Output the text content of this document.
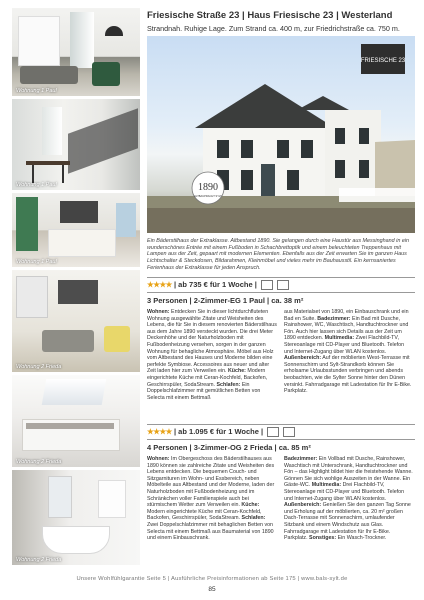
Wohnung 1 Paul
Wohnung 1 Paul
Wohnung 1 Paul
Wohnung 2 Frieda
Wohnung 2 Frieda
Wohnung 2 Frieda
Friesische Straße 23 | Haus Friesische 23 | Westerland
Strandnah. Ruhige Lage. Zum Strand ca. 400 m, zur Friedrichstraße ca. 750 m.
FRIESISCHE 23
1890
ALTBAUPRACHT SYLT
Ein Bäderstilhaus der Extraklasse. Altbestand 1890. Sie gelangen durch eine Haustür aus Messinghand in ein wunderschönes Entrée mit einem Fußboden in Schachbrettoptik und einem beleuchteten Treppenhaus mit Lampen aus der Zeit, gepaart mit modernen Elementen. Ebenfalls aus der Zeit erwarten Sie im ganzen Haus Lichtschalter & Steckdosen, Bildarahmen, Kleinmöbel und vieles mehr im Bauhausstil. Ein kernsaniertes Ferienhaus der Extraklasse für jeden Anspruch.
★★★★ | ab 735 € für 1 Woche |
3 Personen | 2-Zimmer-EG 1 Paul | ca. 38 m²
Wohnen: Entdecken Sie in dieser lichtdurchfluteten Wohnung ausgewählte Zitate und Weisheiten des Lebens, die für Sie in diesem renovierten Bäderstilhaus aus dem Jahre 1890 versteckt wurden. Die drei Meter Deckenhöhe und der Naturholzboden mit Fußbodenheizung versehen, sorgen in der ganzen Wohnung für behagliche Atmosphäre. Möbel aus Holz vom Altbestand des Hauses und Moderne bilden eine perfekte Symbiose. Accessoires aus neuer und alter Zeit laden hier zum Verweilen ein. Küche: Modern eingerichtete Küche mit Ceran-Kochfeld, Backofen, Geschirrspüler, SodaStream. Schlafen: Ein Doppelschlafzimmer mit gemütlichen Betten von Selecta mit einem Bettmaß
aus Materialset von 1890, ein Einbauschrank und ein Bad en Suite. Badezimmer: Ein Bad mit Dusche, Rainshower, WC, Waschtisch, Handtuchtrockner und Fön. Auch hier lassen sich Details aus der Zeit um 1890 entdecken. Multimedia: Zwei Flachbild-TV, Stereoanlage mit CD-Player und Bluetooth. Telefon und Internet-Zugang über WLAN kostenlos. Außenbereich: Auf der möblierten West-Terrasse mit Sonnenschirm und Sylt-Strandkorb können Sie erholsame Urlaubsstunden verbringen und abends beobachten, wie die Sylter Sonne hinter den Dünen versinkt. Fahrradgarage mit Ladestation für Ihr E-Bike. Parkplatz.
★★★★ | ab 1.095 € für 1 Woche |
4 Personen | 3-Zimmer-OG 2 Frieda | ca. 85 m²
Wohnen: Im Obergeschoss des Bäderstilhauses aus 1890 können sie zahlreiche Zitate und Weisheiten des Lebens entdecken. Die bequemen Couch- und Sitzgarnituren im Wohn- und Essbereich, neben Möbelteile aus Altbestand und der Moderne, laden der Naturholzboden mit Fußbodenheizung und im Schränkchen voller Familienspiele auch bei stürmischem Wetter zum Verweilen ein. Küche: Modern eingerichtete Küche mit Ceran-Kochfeld, Backofen, Geschirrspüler, SodaStream. Schlafen: Zwei Doppelschlafzimmer mit behaglichen Betten von Selecta mit einem Bettmaß aus Baumaterial von 1890 und einem Einbauschrank.
Badezimmer: Ein Vollbad mit Dusche, Rainshower, Waschtisch mit Unterschrank, Handtuchtrockner und Fön – das Highlight bildet hier die freistehende Wanne. Gönnen Sie sich wohlige Auszeiten in der Wanne. Ein Gäste-WC. Multimedia: Drei Flachbild-TV, Stereoanlage mit CD-Player und Bluetooth. Telefon und Internet-Zugang über WLAN kostenlos. Außenbereich: Genießen Sie den ganzen Tag Sonne und Erholung auf der möblierten, ca. 20 m² großen Dach-Terrasse mit Sonnenschirm, umlaufender Sitzbank und einem Windschutz aus Glas. Fahrradgarage mit Ladestation für Ihr E-Bike. Parkplatz. Sonstiges: Ein Wasch-Trockner.
Unsere Wohlfühlgarantie Seite 5 | Ausführliche Preisinformationen ab Seite 175 | www.bals-sylt.de
85
